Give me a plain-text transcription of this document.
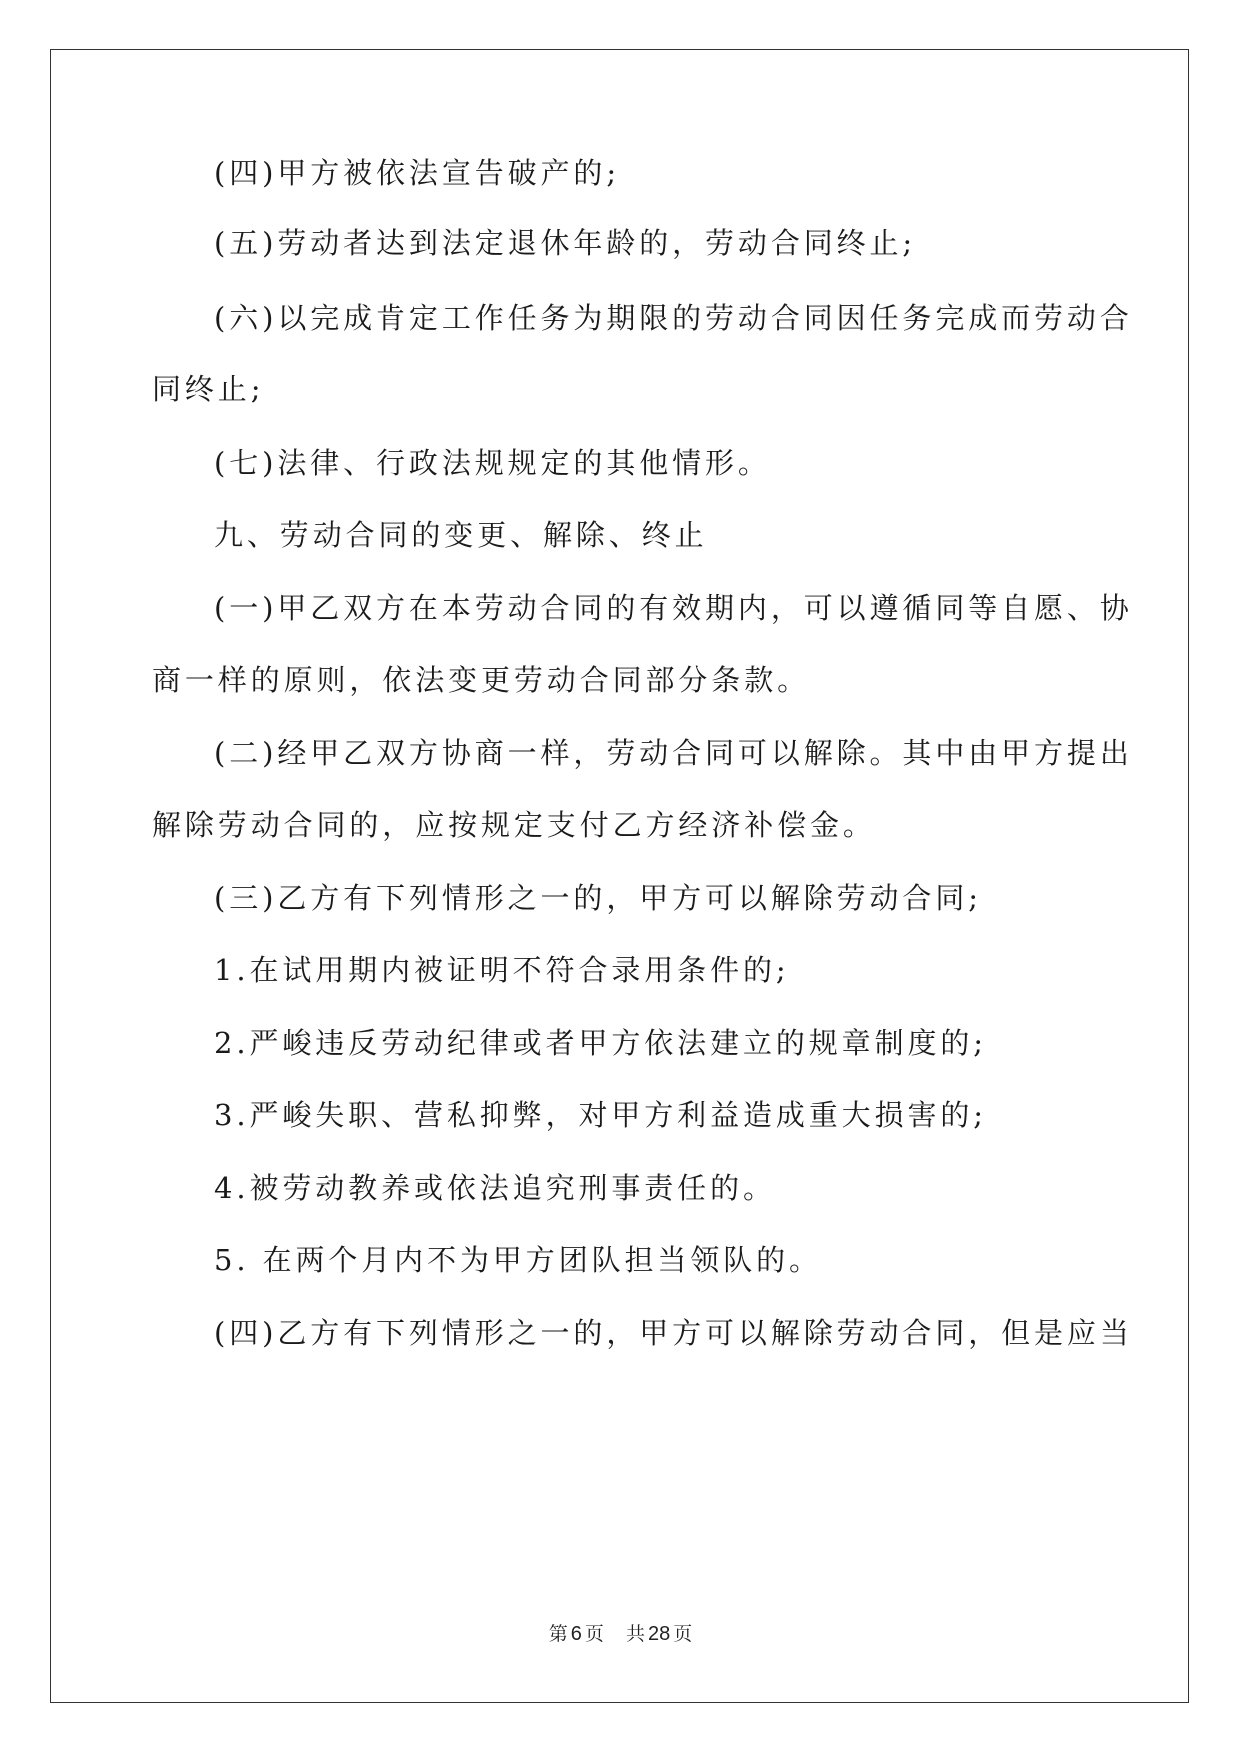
(四)甲方被依法宣告破产的;
(五)劳动者达到法定退休年龄的，劳动合同终止;
(六)以完成肯定工作任务为期限的劳动合同因任务完成而劳动合
同终止;
(七)法律、行政法规规定的其他情形。
九、劳动合同的变更、解除、终止
(一)甲乙双方在本劳动合同的有效期内，可以遵循同等自愿、协
商一样的原则，依法变更劳动合同部分条款。
(二)经甲乙双方协商一样，劳动合同可以解除。其中由甲方提出
解除劳动合同的，应按规定支付乙方经济补偿金。
(三)乙方有下列情形之一的，甲方可以解除劳动合同;
1.在试用期内被证明不符合录用条件的;
2.严峻违反劳动纪律或者甲方依法建立的规章制度的;
3.严峻失职、营私抑弊，对甲方利益造成重大损害的;
4.被劳动教养或依法追究刑事责任的。
5. 在两个月内不为甲方团队担当领队的。
(四)乙方有下列情形之一的，甲方可以解除劳动合同，但是应当
第 6 页 共 28 页
